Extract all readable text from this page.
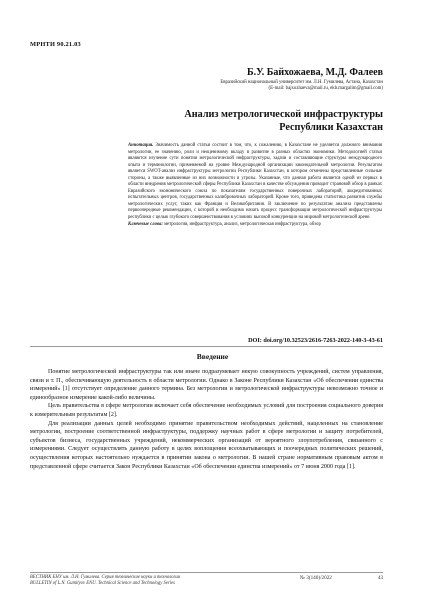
МРНТИ 90.21.03
Б.У. Байхожаева, М.Д. Фалеев
Евразийский национальный университет им. Л.Н. Гумилева, Астана, Казахстан
(E-mail: bajxozhaeva@mail.ru, ekb.margalim@gmail.com)
Анализ метрологической инфраструктуры
Республики Казахстан
Аннотация. Значимость данной статьи состоит в том, что, к сожалению, в Казахстане не уделяется должного внимания метрологии, ее значению, роли и неоценимому вкладу в развитие в разных областях экономики. Методологией статьи являются изучение сути понятия метрологической инфраструктуры, задачи и составляющие структуры международного опыта и терминологии, применяемой на уровне Международной организации законодательной метрологии. Результатом является SWOT-анализ инфраструктуры метрологии Республики Казахстан, в котором отмечены представленные сильные стороны, а также выявленные из них возможности и угрозы. Указанные, что данная работа является одной из первых в области внедрения метрологической сферы Республики Казахстан в качестве обсуждения проводит страновой обзор в рамках Евразийского экономического союза по показателям государственных поверочных лабораторий, аккредитованных испытательных центров, государственных калибровочных лабораторий. Кроме того, приведена статистика развития службы метрологических услуг, таких как Франция и Великобритания. В заключение по результатам анализа представлены первоочередные рекомендации, с которой и необходимо начать процесс трансформации метрологической инфраструктуры республики с целью глубокого совершенствования в условиях высокой конкуренции на мировой метрологической арене.
Ключевые слова: метрология, инфраструктура, анализ, метрологическая инфраструктура, обзор
DOI: doi.org/10.32523/2616-7263-2022-140-3-43-61
Введение

Понятие метрологической инфраструктуры так или иначе подразумевает некую совокупность учреждений, систем управления, связи и т. П., обеспечивающую деятельность в области метрологии. Однако в Законе Республики Казахстан «Об обеспечении единства измерений» [1] отсутствует определение данного термина. Без метрологии и метрологической инфраструктуры невозможно точное и единообразное измерение какой-либо величины.

Цель правительства в сфере метрологии включает себя обеспечение необходимых условий для построения социального доверия к измерительным результатам [2].

Для реализации данных целей необходимо принятие правительством необходимых действий, нацеленных на становление метрологии, построение соответственной инфраструктуры, поддержку научных работ в сфере метрологии и защиту потребителей, субъектов бизнеса, государственных учреждений, некоммерческих организаций от вероятного злоупотребления, связанного с измерениями. Следует осуществлять данную работу в целях воплощения всеохватывающих и поочередных политических решений, осуществления которых настоятельно нуждается в принятии закона о метрологии. В нашей стране нормативным правовым актом в представленной сфере считается Закон Республики Казахстан «Об обеспечении единства измерений» от 7 июня 2000 года [1].

ВЕСТНИК ЕНУ им. Л.Н. Гумилева. Серия технические науки и технологии
BULLETIN of L.N. Gumilyov ENU. Technical Science and Technology Series
№ 3(140)/2022	43
